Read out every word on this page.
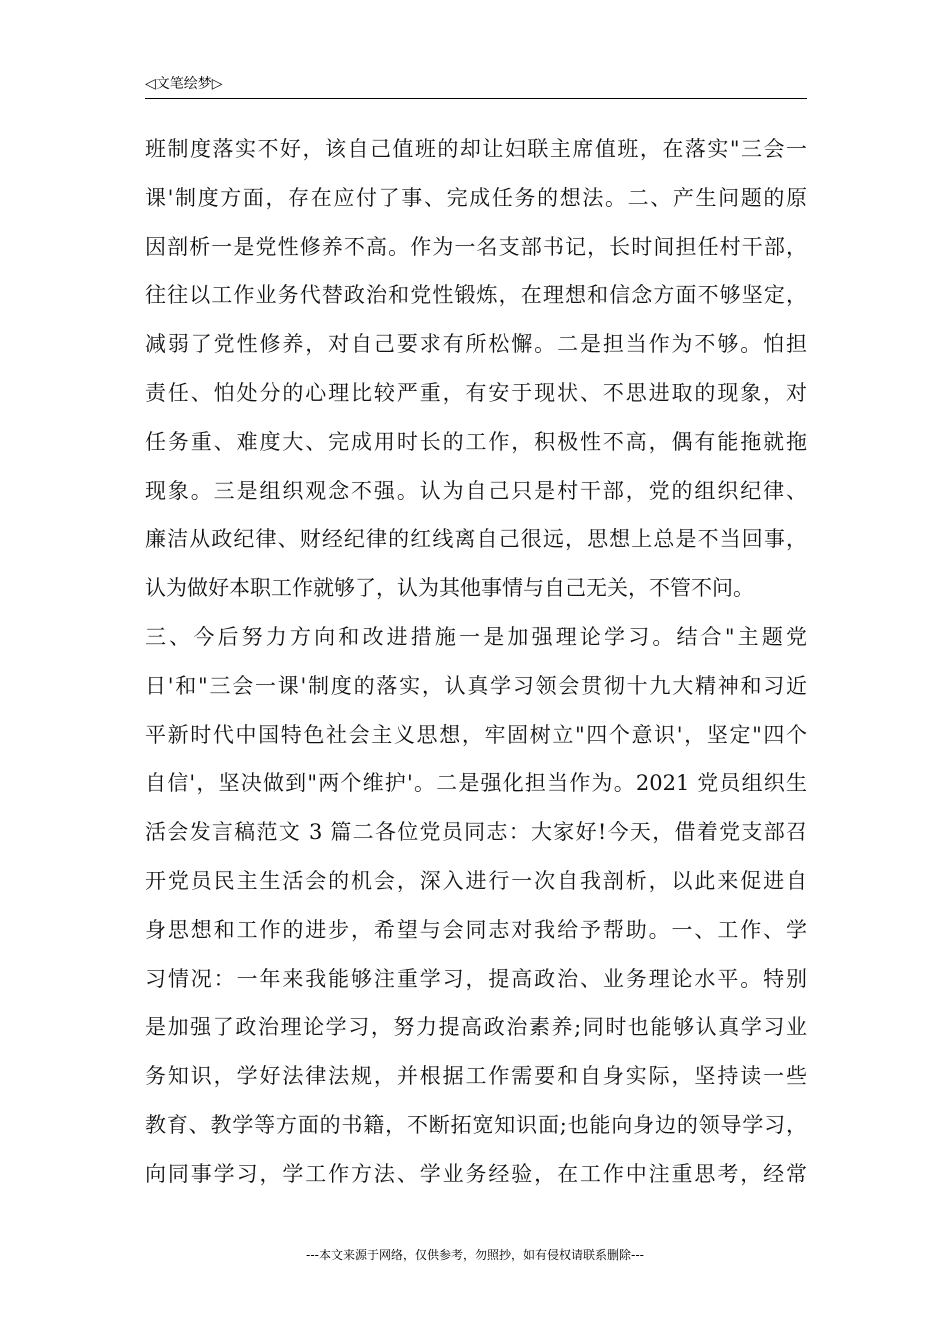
◁文笔绘梦▷
班制度落实不好，该自己值班的却让妇联主席值班，在落实"三会一
课'制度方面，存在应付了事、完成任务的想法。二、产生问题的原
因剖析一是党性修养不高。作为一名支部书记，长时间担任村干部，
往往以工作业务代替政治和党性锻炼，在理想和信念方面不够坚定，
减弱了党性修养，对自己要求有所松懈。二是担当作为不够。怕担
责任、怕处分的心理比较严重，有安于现状、不思进取的现象，对
任务重、难度大、完成用时长的工作，积极性不高，偶有能拖就拖
现象。三是组织观念不强。认为自己只是村干部，党的组织纪律、
廉洁从政纪律、财经纪律的红线离自己很远，思想上总是不当回事，
认为做好本职工作就够了，认为其他事情与自己无关，不管不问。
三、今后努力方向和改进措施一是加强理论学习。结合"主题党
日'和"三会一课'制度的落实，认真学习领会贯彻十九大精神和习近
平新时代中国特色社会主义思想，牢固树立"四个意识'，坚定"四个
自信'，坚决做到"两个维护'。二是强化担当作为。2021 党员组织生
活会发言稿范文 3 篇二各位党员同志：大家好!今天，借着党支部召
开党员民主生活会的机会，深入进行一次自我剖析，以此来促进自
身思想和工作的进步，希望与会同志对我给予帮助。一、工作、学
习情况：一年来我能够注重学习，提高政治、业务理论水平。特别
是加强了政治理论学习，努力提高政治素养;同时也能够认真学习业
务知识，学好法律法规，并根据工作需要和自身实际，坚持读一些
教育、教学等方面的书籍，不断拓宽知识面;也能向身边的领导学习，
向同事学习，学工作方法、学业务经验，在工作中注重思考，经常
---本文来源于网络，仅供参考，勿照抄，如有侵权请联系删除---
